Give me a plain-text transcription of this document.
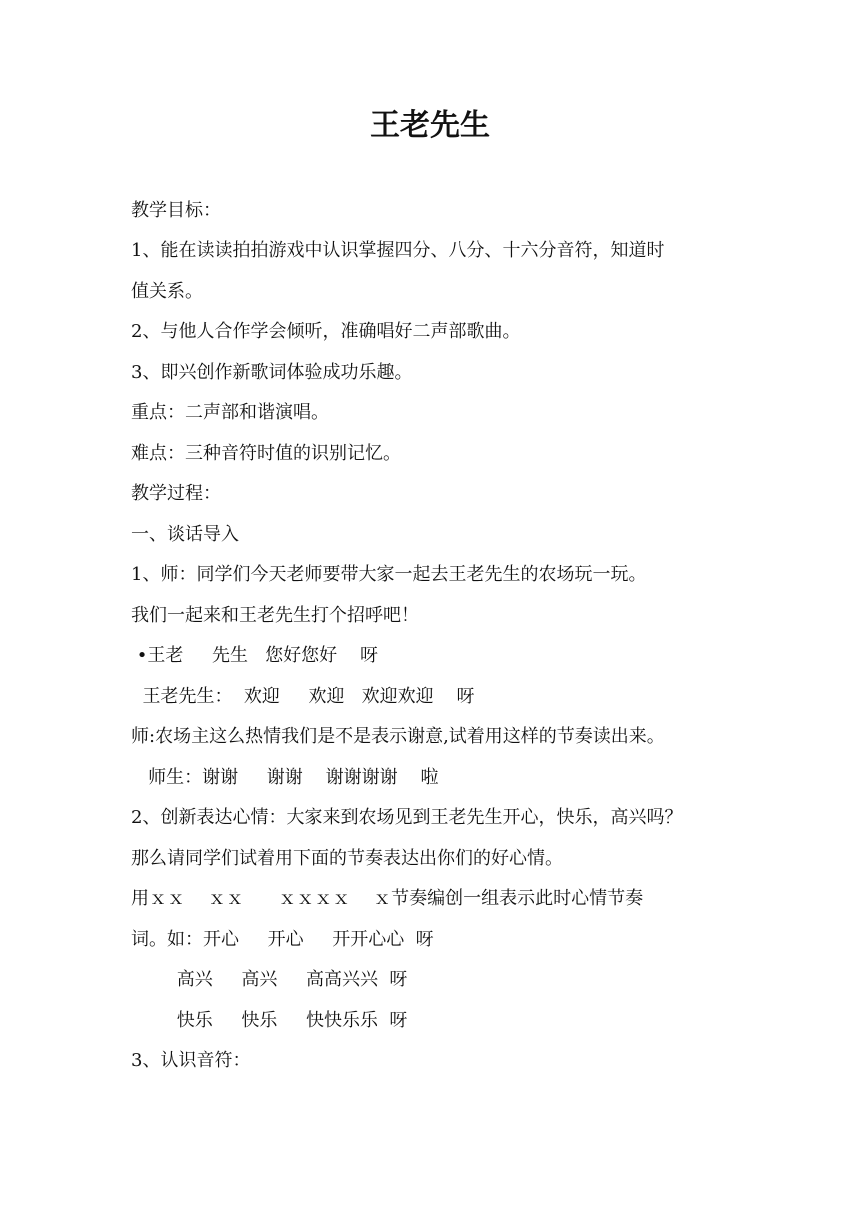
王老先生

教学目标：

1、能在读读拍拍游戏中认识掌握四分、八分、十六分音符，知道时

值关系。

2、与他人合作学会倾听，准确唱好二声部歌曲。

3、即兴创作新歌词体验成功乐趣。

重点：二声部和谐演唱。

难点：三种音符时值的识别记忆。

教学过程：

一、谈话导入

1、师：同学们今天老师要带大家一起去王老先生的农场玩一玩。

我们一起来和王老先生打个招呼吧！

•王老     先生   您好您好    呀

王老先生：  欢迎     欢迎   欢迎欢迎    呀

师:农场主这么热情我们是不是表示谢意,试着用这样的节奏读出来。

师生：谢谢     谢谢    谢谢谢谢    啦

2、创新表达心情：大家来到农场见到王老先生开心，快乐，高兴吗？

那么请同学们试着用下面的节奏表达出你们的好心情。

用ｘｘ    ｘｘ      ｘｘｘｘ    ｘ节奏编创一组表示此时心情节奏

词。如：开心     开心     开开心心  呀

高兴     高兴     高高兴兴  呀

快乐     快乐     快快乐乐  呀

3、认识音符：
